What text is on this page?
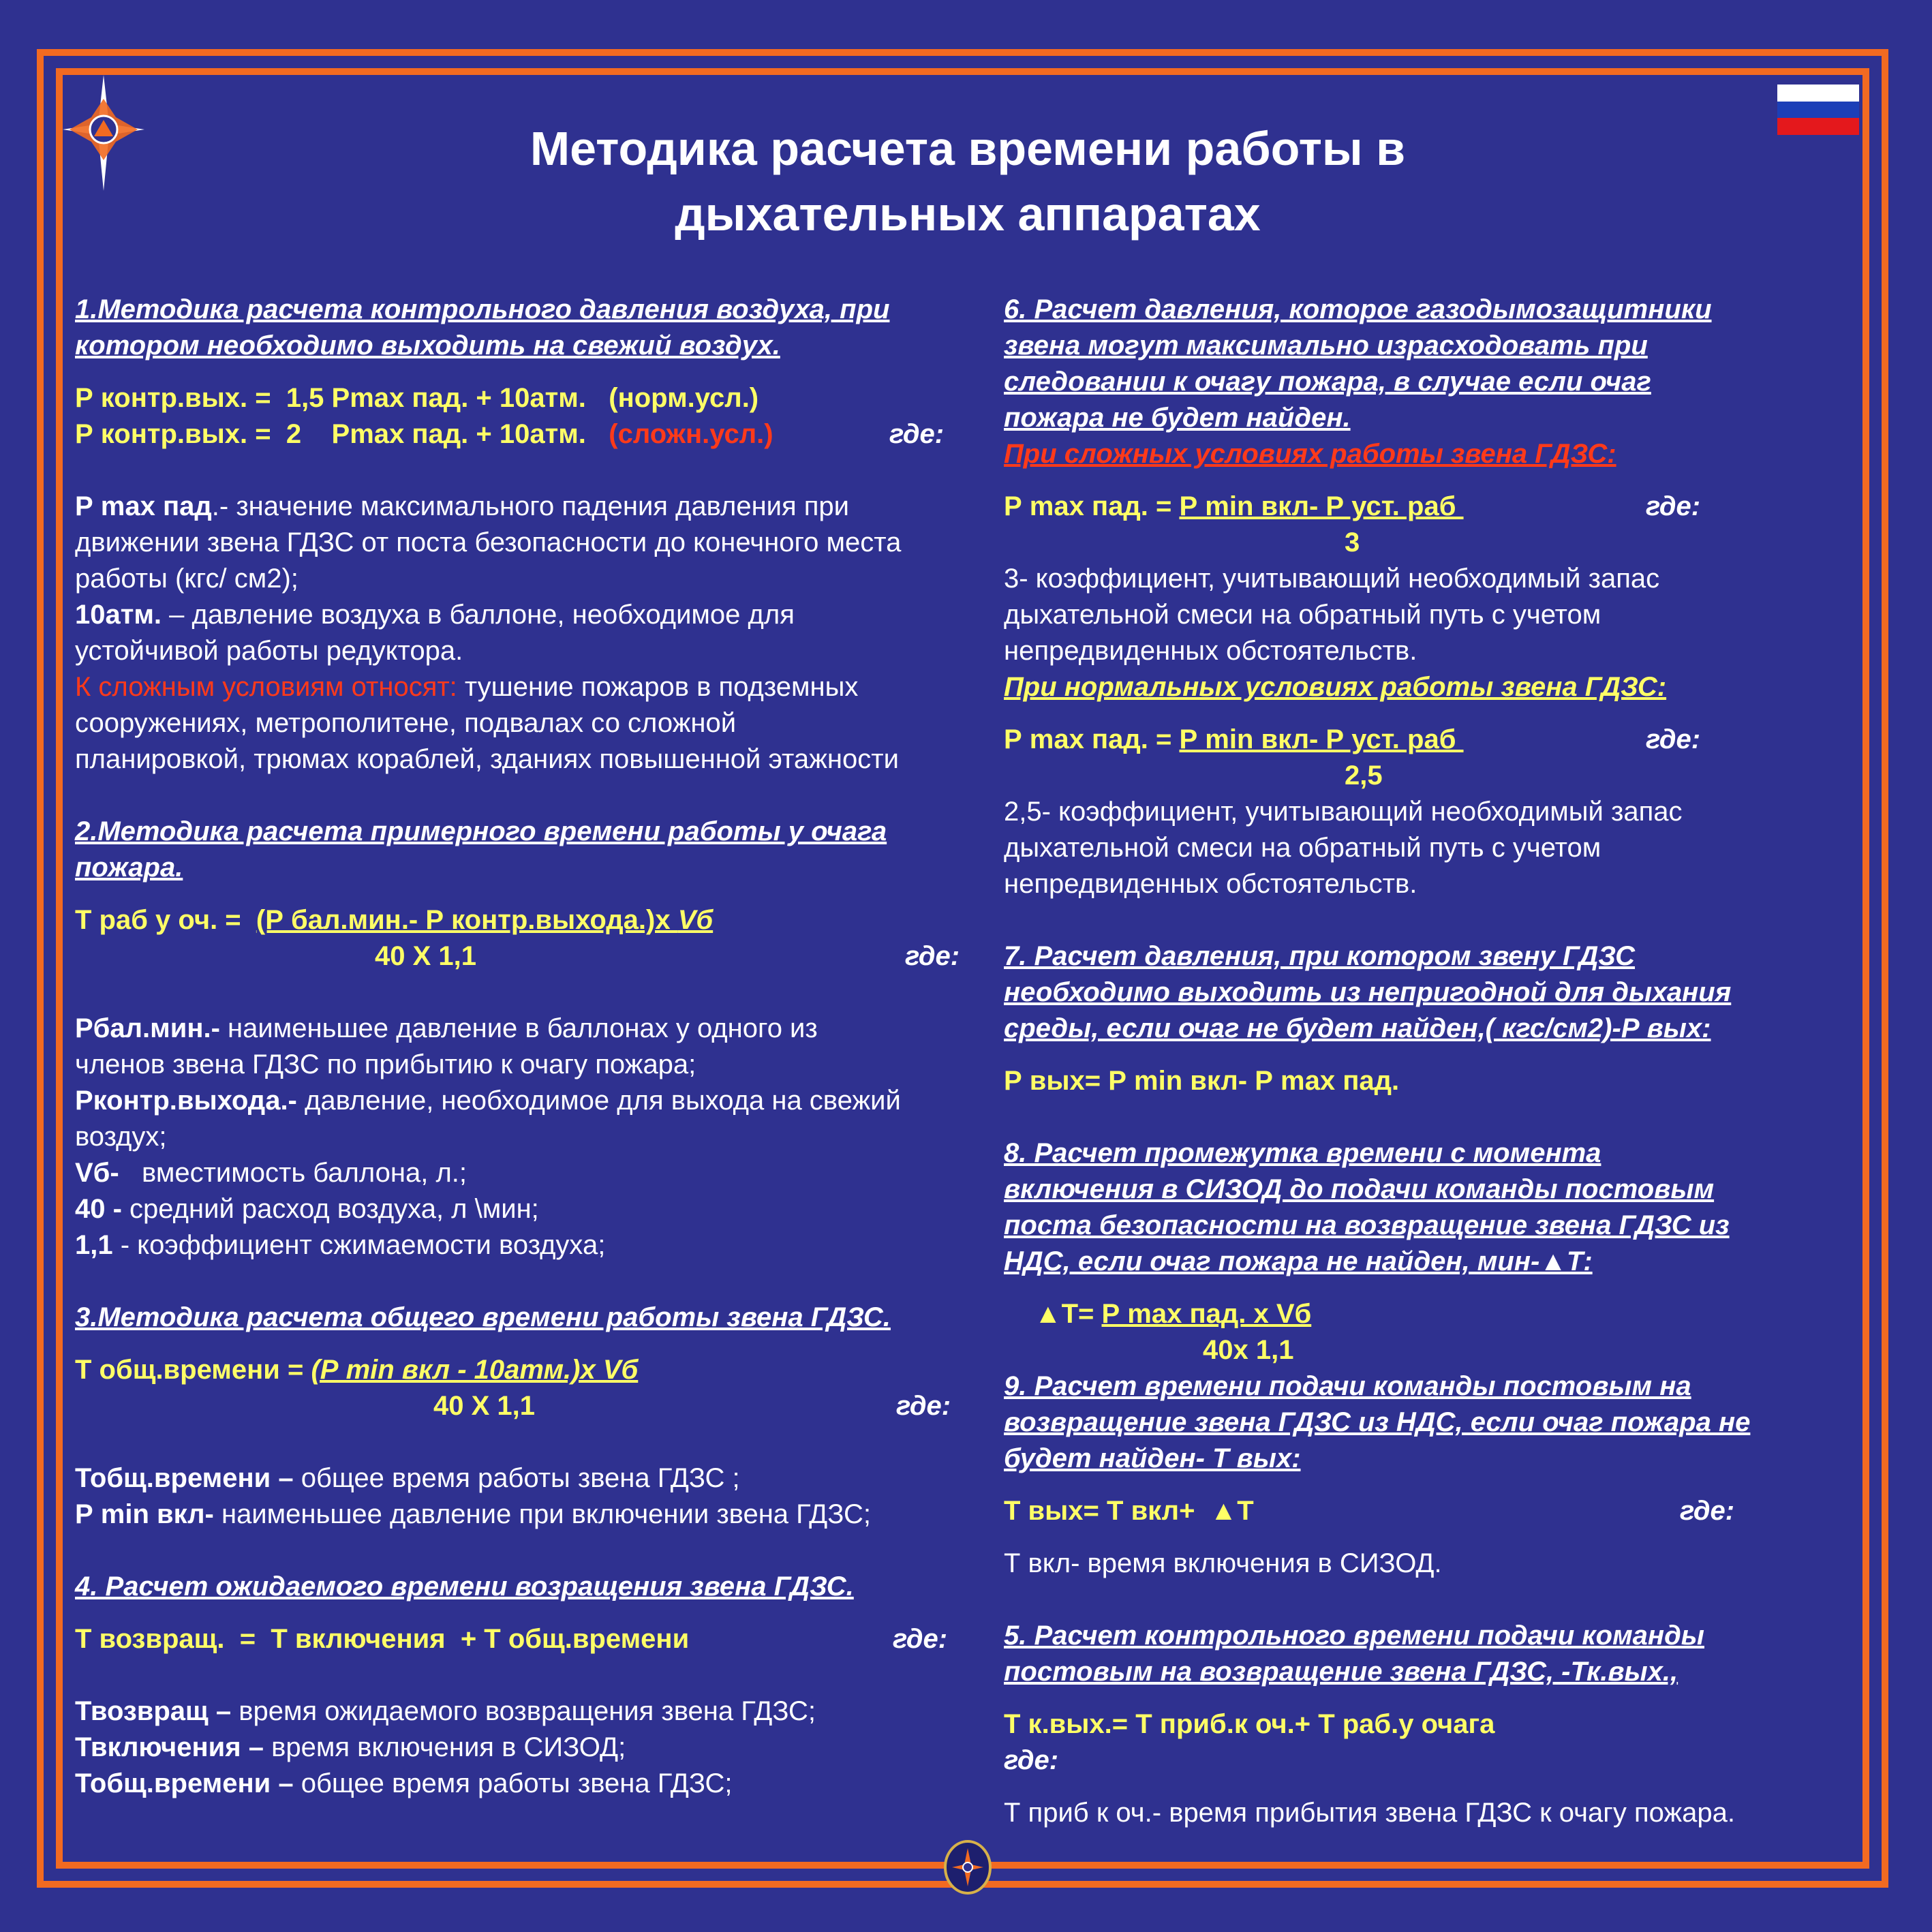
Методика расчета времени работы в
дыхательных аппаратах

1.Методика расчета контрольного давления воздуха, при

котором необходимо выходить на свежий воздух.

Р контр.вых. =  1,5 Рmax пад. + 10атм.   (норм.усл.)

Р контр.вых. =  2    Рmax пад. + 10атм.   (сложн.усл.)	где:

Р max пад.- значение максимального падения давления при

движении звена ГДЗС от поста безопасности до конечного места

работы (кгс/ см2);

10атм. – давление воздуха в баллоне, необходимое для

устойчивой работы редуктора.

К сложным условиям относят: тушение пожаров в подземных

сооружениях, метрополитене, подвалах со сложной

планировкой, трюмах кораблей, зданиях повышенной этажности

2.Методика расчета примерного времени работы у очага

пожара.

Т раб у оч. =  (Р бал.мин.- Р контр.выхода.)х Vб

40 Х 1,1	где:

Рбал.мин.- наименьшее давление в баллонах у одного из

членов звена ГДЗС по прибытию к очагу пожара;

Рконтр.выхода.- давление, необходимое для выхода на свежий

воздух;

Vб-   вместимость баллона, л.;

40 - средний расход воздуха, л \мин;

1,1 - коэффициент сжимаемости воздуха;

3.Методика расчета общего времени работы звена ГДЗС.

Т общ.времени = (Р min вкл - 10атм.)х Vб

40 Х 1,1	где:

Тобщ.времени – общее время работы звена ГДЗС ;

Р min вкл- наименьшее давление при включении звена ГДЗС;

4. Расчет ожидаемого времени возращения звена ГДЗС.

Т возвращ.  =  Т включения  + Т общ.времени	где:

Твозвращ – время ожидаемого возвращения звена ГДЗС;

Твключения – время включения в СИЗОД;

Тобщ.времени – общее время работы звена ГДЗС;

6. Расчет давления, которое газодымозащитники

звена могут максимально израсходовать при

следовании к очагу пожара, в случае если очаг

пожара не будет найден.

При сложных условиях работы звена ГДЗС:

Р max пад. = Р min вкл- Р уст. раб	где:

3

3- коэффициент, учитывающий необходимый запас

дыхательной смеси на обратный путь с учетом

непредвиденных обстоятельств.

При нормальных условиях работы звена ГДЗС:

Р max пад. = Р min вкл- Р уст. раб	где:

2,5

2,5- коэффициент, учитывающий необходимый запас

дыхательной смеси на обратный путь с учетом

непредвиденных обстоятельств.

7. Расчет давления, при котором звену ГДЗС

необходимо выходить из непригодной для дыхания

среды, если очаг не будет найден,( кгс/см2)-Р вых:

Р вых= Р min вкл- Р max пад.

8. Расчет промежутка времени с момента

включения в СИЗОД до подачи команды постовым

поста безопасности на возвращение звена ГДЗС из

НДС, если очаг пожара не найден, мин-▲Т:

▲Т= Р max пад. х Vб

40х 1,1

9. Расчет времени подачи команды постовым на

возвращение звена ГДЗС из НДС, если очаг пожара не

будет найден- Т вых:

Т вых= Т вкл+  ▲Т	где:

Т вкл- время включения в СИЗОД.

5. Расчет контрольного времени подачи команды

постовым на возвращение звена ГДЗС, -Тк.вых.,

Т к.вых.= Т приб.к оч.+ Т раб.у очага

где:

Т приб к оч.- время прибытия звена ГДЗС к очагу пожара.
